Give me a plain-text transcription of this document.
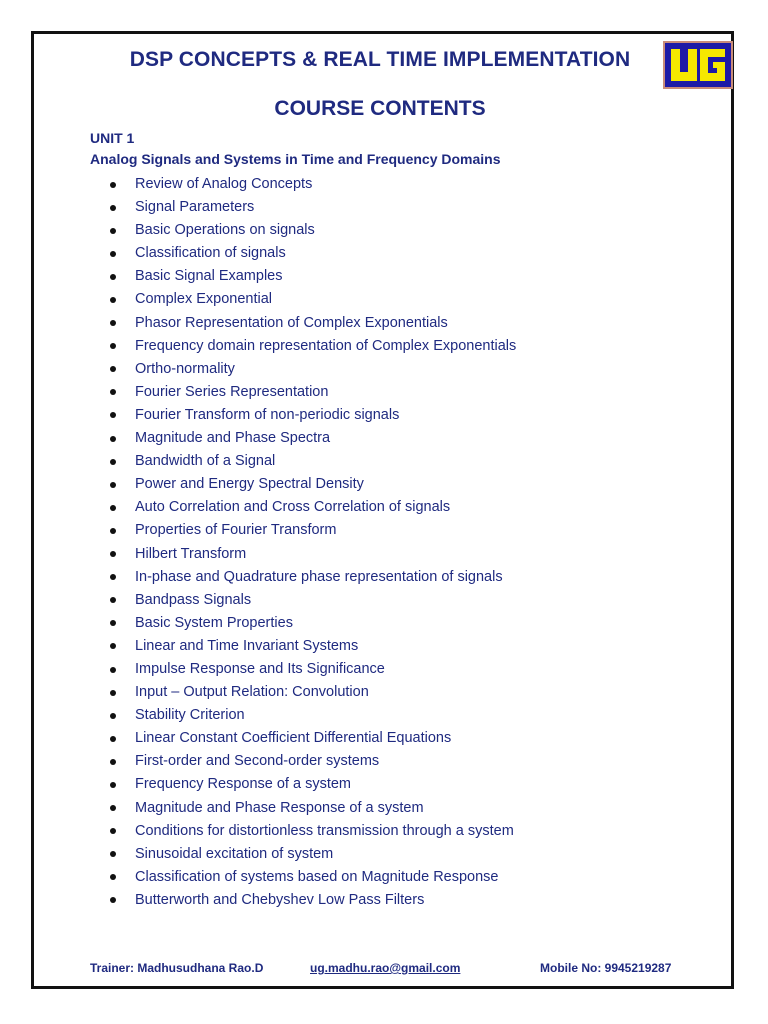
DSP CONCEPTS & REAL TIME IMPLEMENTATION
COURSE CONTENTS
UNIT 1
Analog Signals and Systems in Time and Frequency Domains
Review of Analog Concepts
Signal Parameters
Basic Operations on signals
Classification of signals
Basic Signal Examples
Complex Exponential
Phasor Representation of Complex Exponentials
Frequency domain representation of Complex Exponentials
Ortho-normality
Fourier Series Representation
Fourier Transform of non-periodic signals
Magnitude and Phase Spectra
Bandwidth of a Signal
Power and Energy Spectral Density
Auto Correlation and Cross Correlation of signals
Properties of Fourier Transform
Hilbert Transform
In-phase and Quadrature phase representation of signals
Bandpass Signals
Basic System Properties
Linear and Time Invariant Systems
Impulse Response and Its Significance
Input – Output Relation: Convolution
Stability Criterion
Linear Constant Coefficient Differential Equations
First-order and Second-order systems
Frequency Response of a system
Magnitude and Phase Response of a system
Conditions for distortionless transmission through a system
Sinusoidal excitation of system
Classification of systems based on Magnitude Response
Butterworth and Chebyshev Low Pass Filters
Trainer: Madhusudhana Rao.D	ug.madhu.rao@gmail.com	Mobile No: 9945219287
